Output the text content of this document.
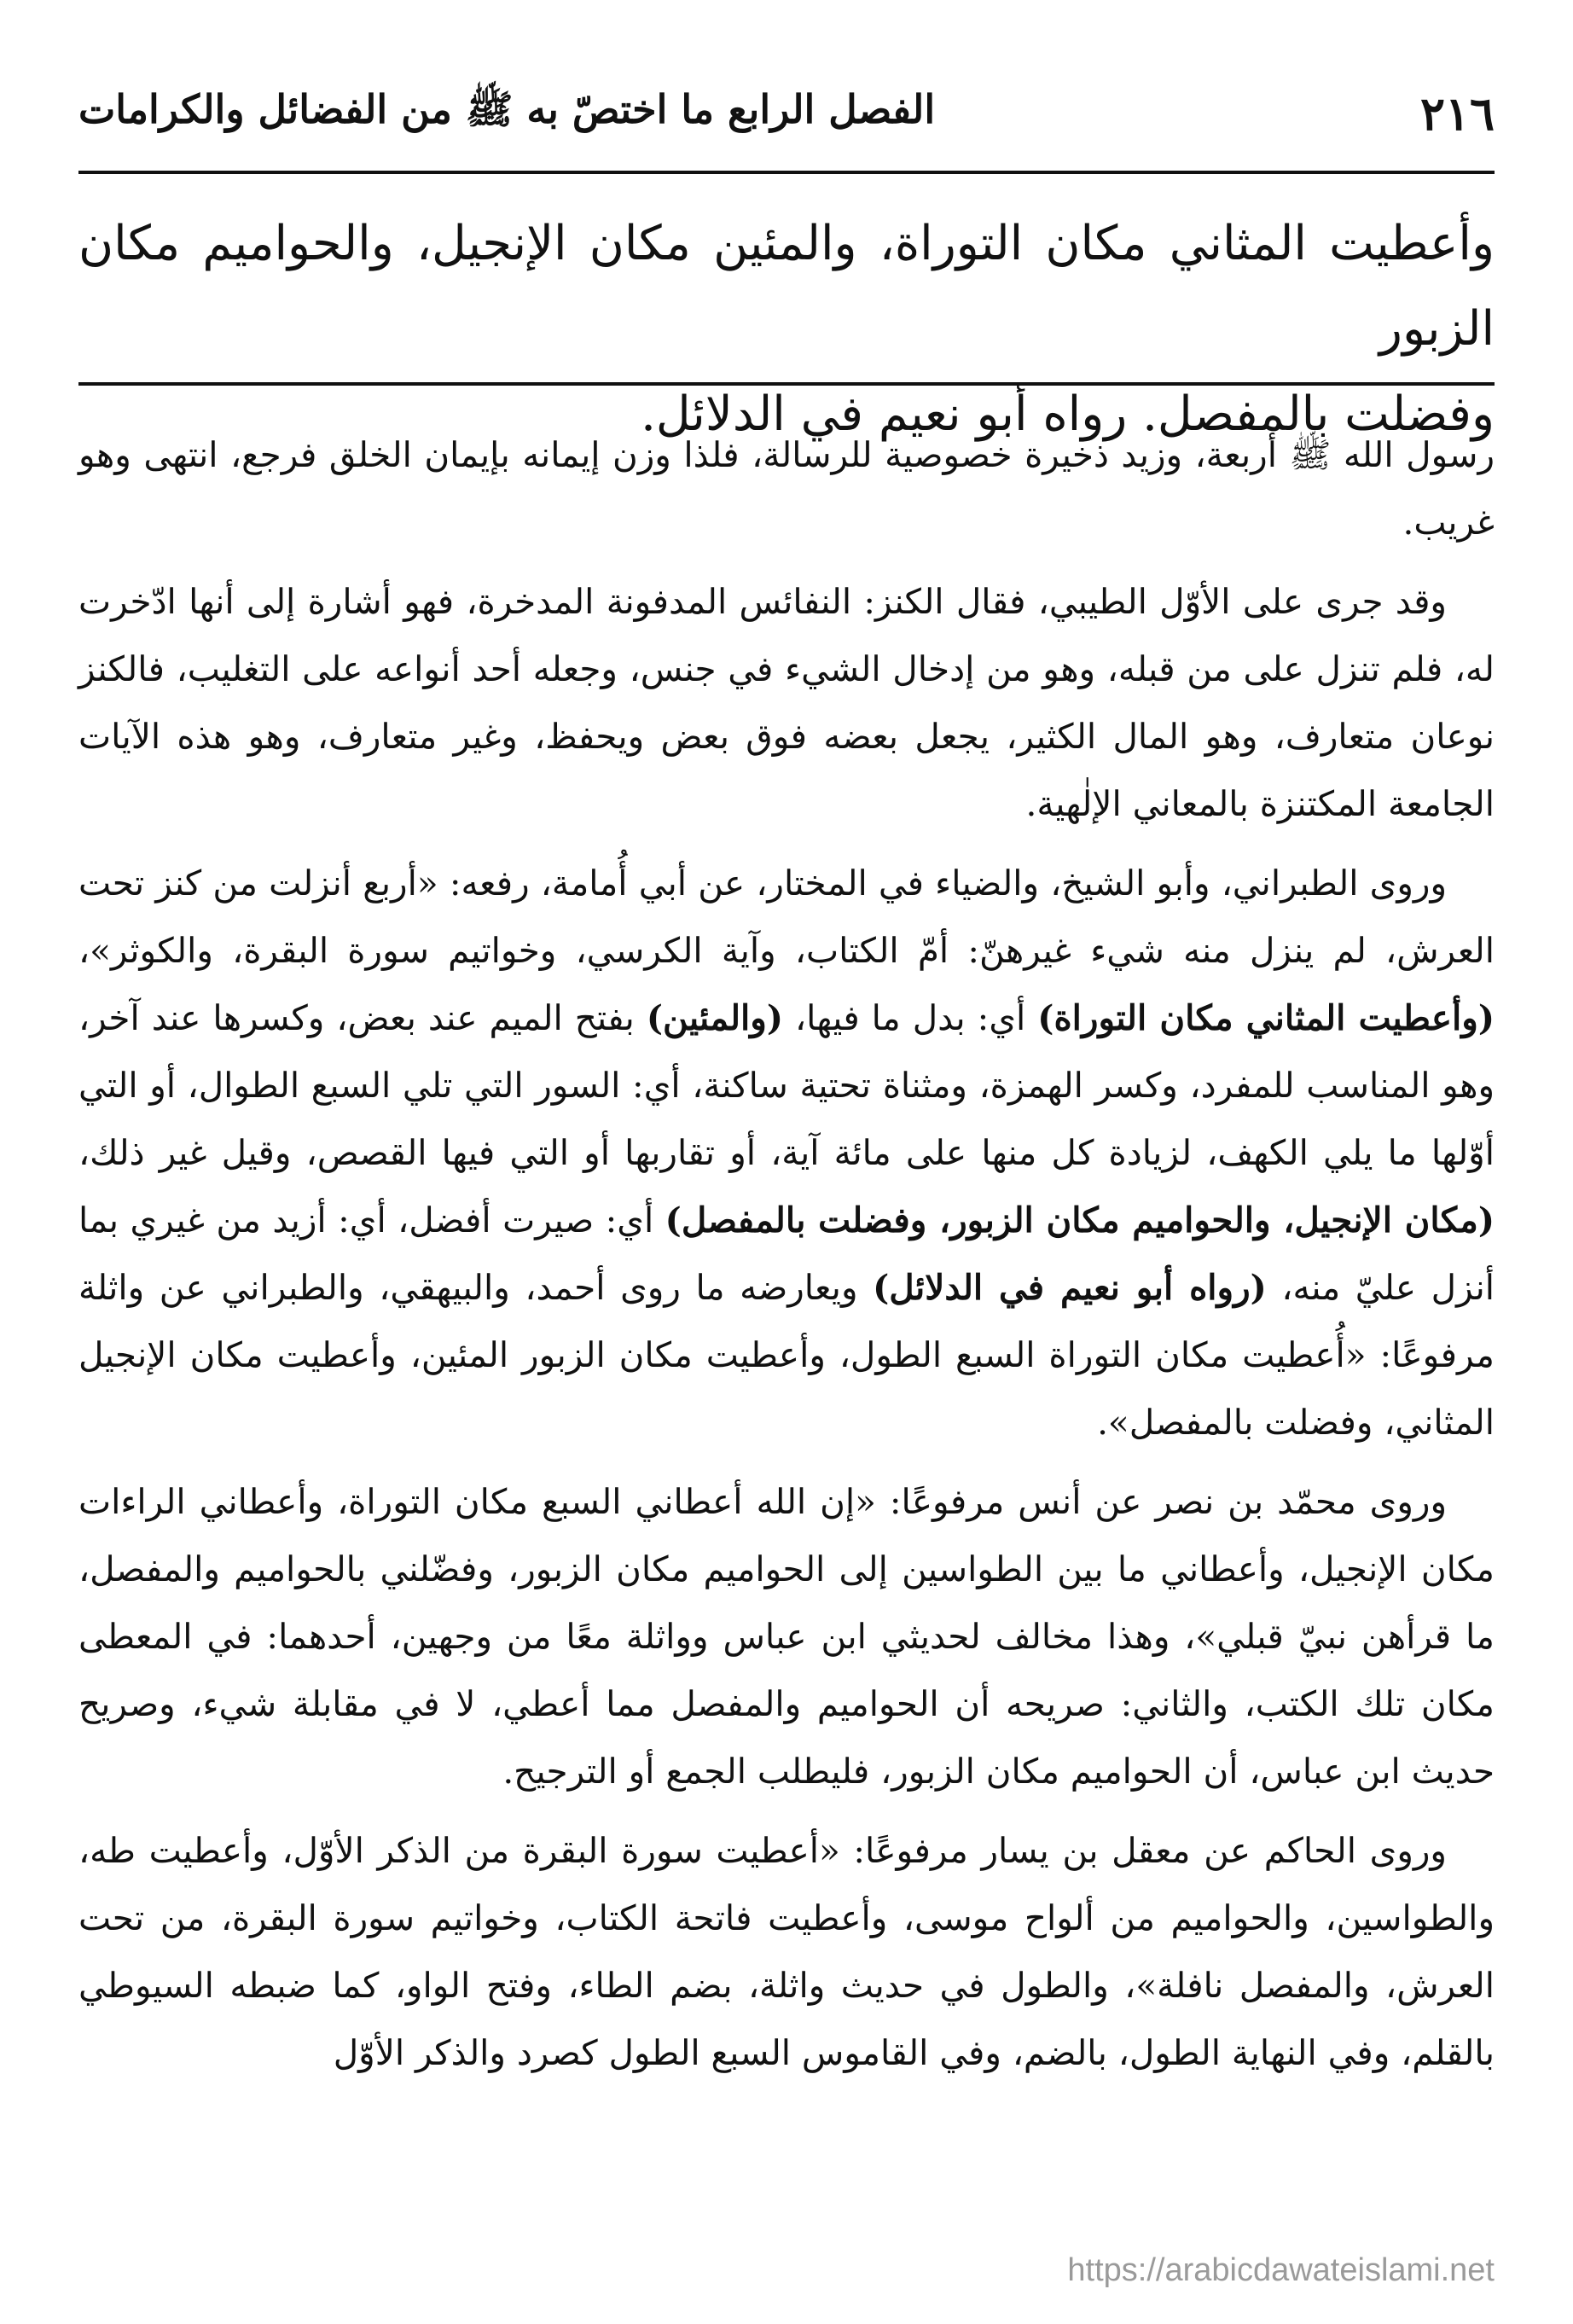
٢١٦
الفصل الرابع ما اختصّ به ﷺ من الفضائل والكرامات
وأعطيت المثاني مكان التوراة، والمئين مكان الإنجيل، والحواميم مكان الزبور
وفضلت بالمفصل. رواه أبو نعيم في الدلائل.

رسول الله ﷺ أربعة، وزيد ذخيرة خصوصية للرسالة، فلذا وزن إيمانه بإيمان الخلق فرجع، انتهى وهو غريب.

وقد جرى على الأوّل الطيبي، فقال الكنز: النفائس المدفونة المدخرة، فهو أشارة إلى أنها ادّخرت له، فلم تنزل على من قبله، وهو من إدخال الشيء في جنس، وجعله أحد أنواعه على التغليب، فالكنز نوعان متعارف، وهو المال الكثير، يجعل بعضه فوق بعض ويحفظ، وغير متعارف، وهو هذه الآيات الجامعة المكتنزة بالمعاني الإلٰهية.

وروى الطبراني، وأبو الشيخ، والضياء في المختار، عن أبي أُمامة، رفعه: «أربع أنزلت من كنز تحت العرش، لم ينزل منه شيء غيرهنّ: أمّ الكتاب، وآية الكرسي، وخواتيم سورة البقرة، والكوثر»، (وأعطيت المثاني مكان التوراة) أي: بدل ما فيها، (والمئين) بفتح الميم عند بعض، وكسرها عند آخر، وهو المناسب للمفرد، وكسر الهمزة، ومثناة تحتية ساكنة، أي: السور التي تلي السبع الطوال، أو التي أوّلها ما يلي الكهف، لزيادة كل منها على مائة آية، أو تقاربها أو التي فيها القصص، وقيل غير ذلك، (مكان الإنجيل، والحواميم مكان الزبور، وفضلت بالمفصل) أي: صيرت أفضل، أي: أزيد من غيري بما أنزل عليّ منه، (رواه أبو نعيم في الدلائل) ويعارضه ما روى أحمد، والبيهقي، والطبراني عن واثلة مرفوعًا: «أُعطيت مكان التوراة السبع الطول، وأعطيت مكان الزبور المئين، وأعطيت مكان الإنجيل المثاني، وفضلت بالمفصل».

وروى محمّد بن نصر عن أنس مرفوعًا: «إن الله أعطاني السبع مكان التوراة، وأعطاني الراءات مكان الإنجيل، وأعطاني ما بين الطواسين إلى الحواميم مكان الزبور، وفضّلني بالحواميم والمفصل، ما قرأهن نبيّ قبلي»، وهذا مخالف لحديثي ابن عباس وواثلة معًا من وجهين، أحدهما: في المعطى مكان تلك الكتب، والثاني: صريحه أن الحواميم والمفصل مما أعطي، لا في مقابلة شيء، وصريح حديث ابن عباس، أن الحواميم مكان الزبور، فليطلب الجمع أو الترجيح.

وروى الحاكم عن معقل بن يسار مرفوعًا: «أعطيت سورة البقرة من الذكر الأوّل، وأعطيت طه، والطواسين، والحواميم من ألواح موسى، وأعطيت فاتحة الكتاب، وخواتيم سورة البقرة، من تحت العرش، والمفصل نافلة»، والطول في حديث واثلة، بضم الطاء، وفتح الواو، كما ضبطه السيوطي بالقلم، وفي النهاية الطول، بالضم، وفي القاموس السبع الطول كصرد والذكر الأوّل

https://arabicdawateislami.net
